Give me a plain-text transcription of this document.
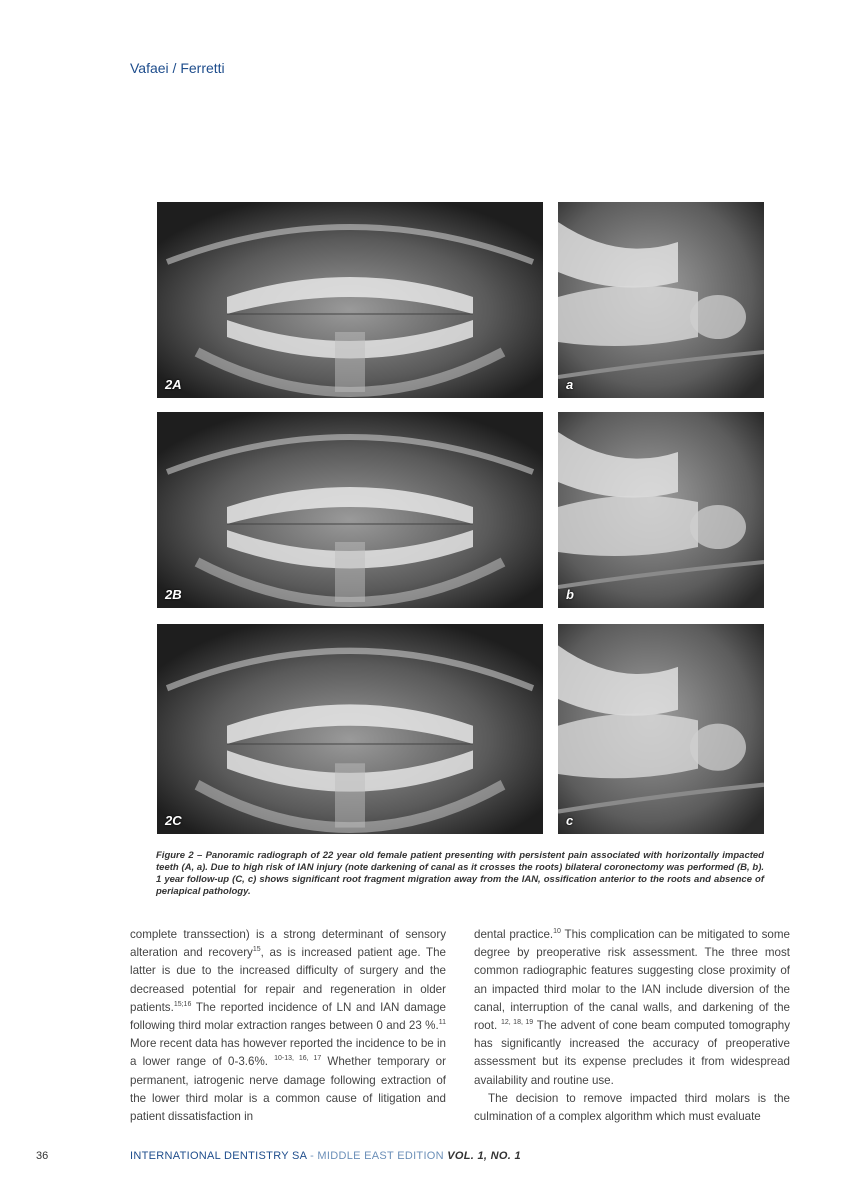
Vafaei / Ferretti
2A	a
2B	b
2C	c
Figure 2 – Panoramic radiograph of 22 year old female patient presenting with persistent pain associated with horizontally impacted teeth (A, a). Due to high risk of IAN injury (note darkening of canal as it crosses the roots) bilateral coronectomy was performed (B, b). 1 year follow-up (C, c) shows significant root fragment migration away from the IAN, ossification anterior to the roots and absence of periapical pathology.

complete transsection) is a strong determinant of sensory alteration and recovery$^{15}$, as is increased patient age. The latter is due to the increased difficulty of surgery and the decreased potential for repair and regeneration in older patients.$^{15;16}$ The reported incidence of LN and IAN damage following third molar extraction ranges between 0 and 23 %.$^{11}$ More recent data has however reported the incidence to be in a lower range of 0-3.6%. $^{10-13, 16, 17}$ Whether temporary or permanent, iatrogenic nerve damage following extraction of the lower third molar is a common cause of litigation and patient dissatisfaction in

dental practice.$^{10}$ This complication can be mitigated to some degree by preoperative risk assessment. The three most common radiographic features suggesting close proximity of an impacted third molar to the IAN include diversion of the canal, interruption of the canal walls, and darkening of the root. $^{12, 18, 19}$ The advent of cone beam computed tomography has significantly increased the accuracy of preoperative assessment but its expense precludes it from widespread availability and routine use.

The decision to remove impacted third molars is the culmination of a complex algorithm which must evaluate

36	INTERNATIONAL DENTISTRY SA - MIDDLE EAST EDITION VOL. 1, NO. 1
